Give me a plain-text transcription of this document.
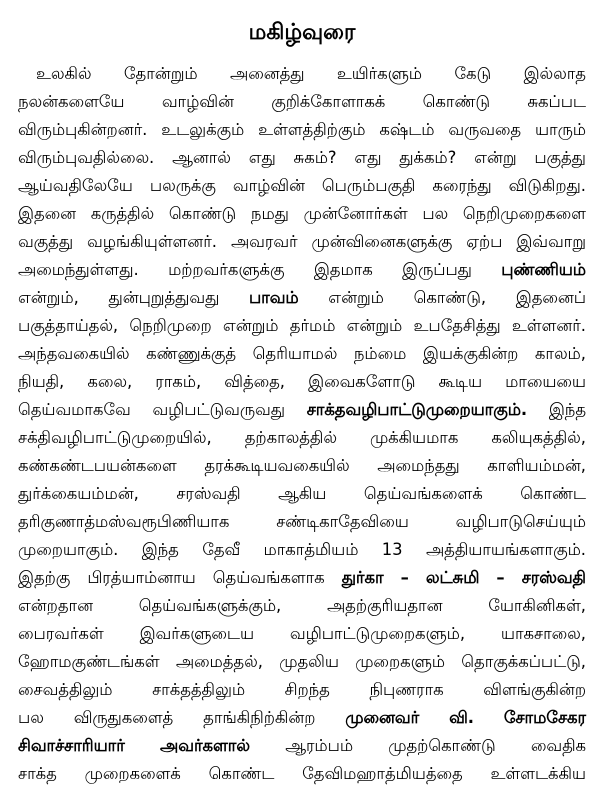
மகிழ்வுரை
உலகில் தோன்றும் அனைத்து உயிர்களும் கேடு இல்லாத
நலன்களையே வாழ்வின் குறிக்கோளாகக் கொண்டு சுகப்பட
விரும்புகின்றனர். உடலுக்கும் உள்ளத்திற்கும் கஷ்டம் வருவதை யாரும்
விரும்புவதில்லை. ஆனால் எது சுகம்? எது துக்கம்? என்று பகுத்து
ஆய்வதிலேயே பலருக்கு வாழ்வின் பெரும்பகுதி கரைந்து விடுகிறது.
இதனை கருத்தில் கொண்டு நமது முன்னோர்கள் பல நெறிமுறைகளை
வகுத்து வழங்கியுள்ளனர். அவரவர் முன்வினைகளுக்கு ஏற்ப இவ்வாறு
அமைந்துள்ளது. மற்றவர்களுக்கு இதமாக இருப்பது புண்ணியம்
என்றும், துன்புறுத்துவது பாவம் என்றும் கொண்டு, இதனைப்
பகுத்தாய்தல், நெறிமுறை என்றும் தர்மம் என்றும் உபதேசித்து உள்ளனர்.
அந்தவகையில் கண்ணுக்குத் தெரியாமல் நம்மை இயக்குகின்ற காலம்,
நியதி, கலை, ராகம், வித்தை, இவைகளோடு கூடிய மாயையை
தெய்வமாகவே வழிபட்டுவருவது சாக்தவழிபாட்டுமுறையாகும். இந்த
சக்திவழிபாட்டுமுறையில், தற்காலத்தில் முக்கியமாக கலியுகத்தில்,
கண்கண்டபயன்களை தரக்கூடியவகையில் அமைந்தது காளியம்மன்,
துர்க்கையம்மன், சரஸ்வதி ஆகிய தெய்வங்களைக் கொண்ட
தரிகுணாத்மஸ்வரூபிணியாக	சண்டிகாதேவியை	வழிபாடுசெய்யும்
முறையாகும். இந்த தேவீ மாகாத்மியம் 13 அத்தியாயங்களாகும்.
இதற்கு பிரத்யாம்னாய தெய்வங்களாக துர்கா – லட்சுமி – சரஸ்வதி
என்றதான	தெய்வங்களுக்கும்,	அதற்குரியதான	யோகினிகள்,
பைரவர்கள் இவர்களுடைய வழிபாட்டுமுறைகளும், யாகசாலை,
ஹோமகுண்டங்கள் அமைத்தல், முதலிய முறைகளும் தொகுக்கப்பட்டு,
சைவத்திலும் சாக்தத்திலும் சிறந்த நிபுணராக விளங்குகின்ற
பல விருதுகளைத் தாங்கிநிற்கின்ற முனைவர் வி. சோமசேகர
சிவாச்சாரியார் அவர்களால் ஆரம்பம் முதற்கொண்டு வைதிக
சாக்த முறைகளைக் கொண்ட தேவிமஹாத்மியத்தை உள்ளடக்கிய
